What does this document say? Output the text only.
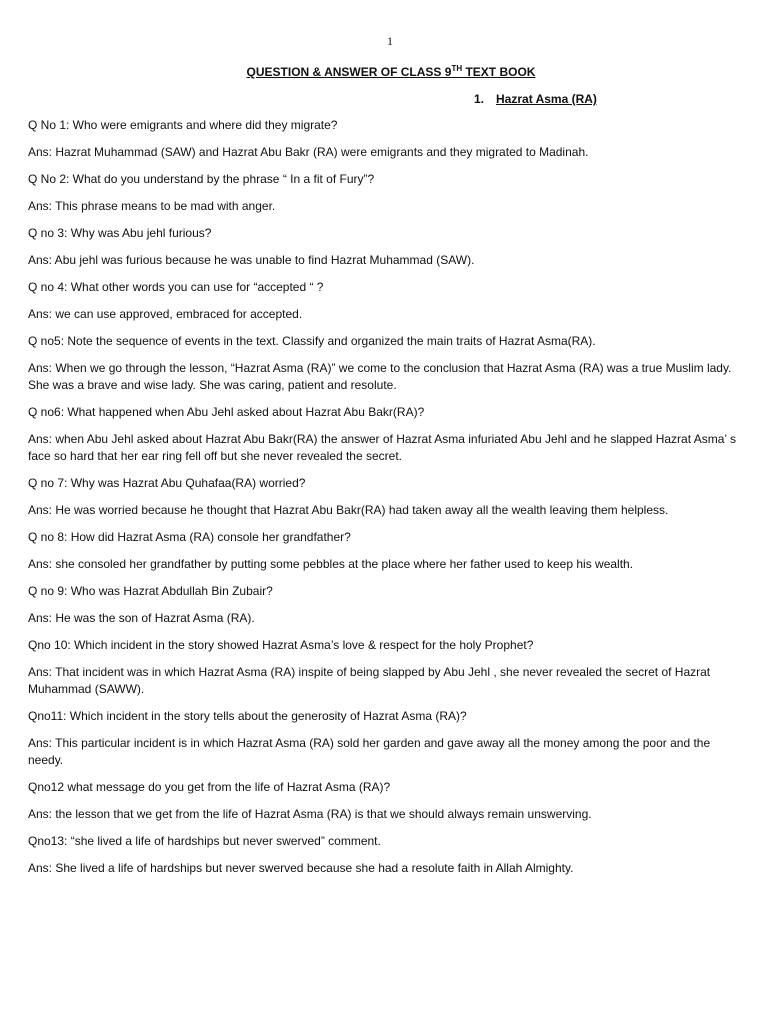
1
QUESTION & ANSWER OF CLASS 9TH TEXT BOOK
1. Hazrat Asma (RA)

Q No 1: Who were emigrants and where did they migrate?

Ans: Hazrat Muhammad (SAW) and Hazrat Abu Bakr (RA) were emigrants and they migrated to Madinah.

Q No 2: What do you understand by the phrase “ In a fit of Fury”?

Ans: This phrase means to be mad with anger.

Q no 3: Why was Abu jehl furious?

Ans: Abu jehl was furious because he was unable to find Hazrat Muhammad (SAW).

Q no 4: What other words you can use for “accepted “ ?

Ans: we can use approved, embraced for accepted.

Q no5: Note the sequence of events in the text. Classify and organized the main traits of Hazrat Asma(RA).

Ans: When we go through the lesson, “Hazrat Asma (RA)” we come to the conclusion that Hazrat Asma (RA) was a true Muslim lady. She was a brave and wise lady. She was caring, patient and resolute.

Q no6: What happened when Abu Jehl asked about Hazrat Abu Bakr(RA)?

Ans: when Abu Jehl asked about Hazrat Abu Bakr(RA) the answer of Hazrat Asma infuriated Abu Jehl and he slapped Hazrat Asma’ s face so hard that her ear ring fell off but she never revealed the secret.

Q no 7: Why was Hazrat Abu Quhafaa(RA) worried?

Ans: He was worried because he thought that Hazrat Abu Bakr(RA) had taken away all the wealth leaving them helpless.

Q no 8: How did Hazrat Asma (RA) console her grandfather?

Ans: she consoled her grandfather by putting some pebbles at the place where her father used to keep his wealth.

Q no 9: Who was Hazrat Abdullah Bin Zubair?

Ans: He was the son of Hazrat Asma (RA).

Qno 10: Which incident in the story showed Hazrat Asma’s love & respect for the holy Prophet?

Ans: That incident was in which Hazrat Asma (RA) inspite of being slapped by Abu Jehl , she never revealed the secret of Hazrat Muhammad (SAWW).

Qno11: Which incident in the story tells about the generosity of Hazrat Asma (RA)?

Ans: This particular incident is in which Hazrat Asma (RA) sold her garden and gave away all the money among the poor and the needy.

Qno12 what message do you get from the life of Hazrat Asma (RA)?

Ans: the lesson that we get from the life of Hazrat Asma (RA) is that we should always remain unswerving.

Qno13: “she lived a life of hardships but never swerved” comment.

Ans: She lived a life of hardships but never swerved because she had a resolute faith in Allah Almighty.
